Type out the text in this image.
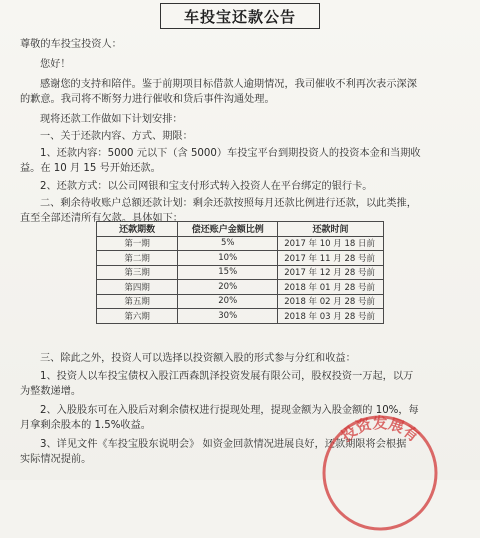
车投宝还款公告
尊敬的车投宝投资人：
您好！
感谢您的支持和陪伴。鉴于前期项目标借款人逾期情况，我司催收不利再次表示深深
的歉意。我司将不断努力进行催收和贷后事件沟通处理。
现将还款工作做如下计划安排：
一、关于还款内容、方式、期限：
1、还款内容：5000 元以下（含 5000）车投宝平台到期投资人的投资本金和当期收
益。在 10 月 15 号开始还款。
2、还款方式：以公司网银和宝支付形式转入投资人在平台绑定的银行卡。
二、剩余待收账户总额还款计划：剩余还款按照每月还款比例进行还款，以此类推，
直至全部还清所有欠款。具体如下：
还款期数	偿还账户金额比例	还款时间
第一期	5%	2017 年 10 月 18 日前
第二期	10%	2017 年 11 月 28 号前
第三期	15%	2017 年 12 月 28 号前
第四期	20%	2018 年 01 月 28 号前
第五期	20%	2018 年 02 月 28 号前
第六期	30%	2018 年 03 月 28 号前
三、除此之外，投资人可以选择以投资额入股的形式参与分红和收益：
1、投资人以车投宝债权入股江西森凯泽投资发展有限公司，股权投资一万起，以万
为整数递增。
2、入股股东可在入股后对剩余债权进行提现处理，提现金额为入股金额的 10%，每
月拿剩余股本的 1.5%收益。
3、详见文件《车投宝股东说明会》 如资金回款情况进展良好，还款期限将会根据
实际情况提前。
投资发展有
